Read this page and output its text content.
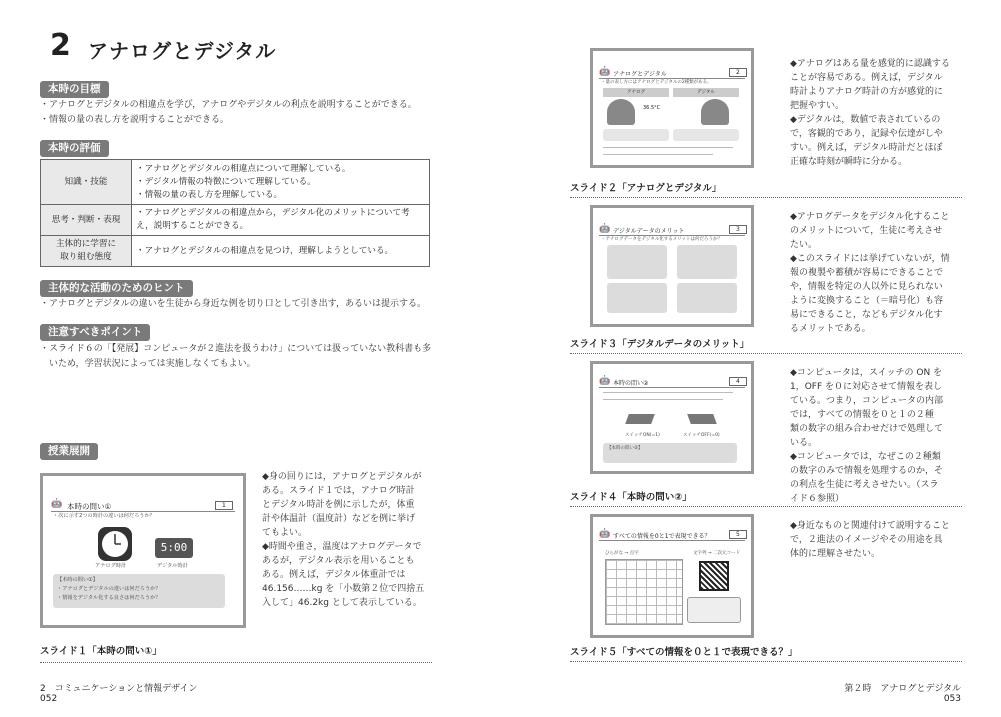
2 アナログとデジタル
本時の目標
・ アナログとデジタルの相違点を学び，アナログやデジタルの利点を説明することができる。
・ 情報の量の表し方を説明することができる。
本時の評価
知識・技能	・ アナログとデジタルの相違点について理解している。
・ デジタル情報の特徴について理解している。
・ 情報の量の表し方を理解している。

思考・判断・表現	・ アナログとデジタルの相違点から，デジタル化のメリットについて考え，説明することができる。

主体的に学習に
取り組む態度	・ アナログとデジタルの相違点を見つけ，理解しようとしている。
主体的な活動のためのヒント
・ アナログとデジタルの違いを生徒から身近な例を切り口として引き出す，あるいは提示する。
注意すべきポイント
・ スライド６の「【発展】コンピュータが２進法を扱うわけ」については扱っていない教科書も多
いため，学習状況によっては実施しなくてもよい。
授業展開
🤖 本時の問い①	1
・次に示す2つの時計の違いは何だろうか？
アナログ時計
5:00
デジタル時計
【本時の問い①】
・ アナログとデジタルの違いは何だろうか？
・ 情報をデジタル化する良さは何だろうか？
スライド１「本時の問い①」
◆身の回りには，アナログとデジタルが
ある。スライド１では，アナログ時計
とデジタル時計を例に示したが，体重
計や体温計（温度計）などを例に挙げ
てもよい。
◆時間や重さ，温度はアナログデータで
あるが，デジタル表示を用いることも
ある。例えば，デジタル体重計では
46.156……kg を「小数第２位で四捨五
入して」46.2kg として表示している。
2　コミュニケーションと情報デザイン
052
🤖 アナログとデジタル	2
・量の表し方にはアナログとデジタルの2種類がある。
アナログ	デジタル
36.5°C
スライド２「アナログとデジタル」
◆アナログはある量を感覚的に認識する
ことが容易である。例えば，デジタル
時計よりアナログ時計の方が感覚的に
把握やすい。
◆デジタルは，数値で表されているの
で，客観的であり，記録や伝達がしや
すい。例えば，デジタル時計だとほぼ
正確な時刻が瞬時に分かる。
🤖 デジタルデータのメリット	3
・アナログデータをデジタル化するメリットは何だろうか？
スライド３「デジタルデータのメリット」
◆アナログデータをデジタル化すること
のメリットについて，生徒に考えさせ
たい。
◆このスライドには挙げていないが，情
報の複製や蓄積が容易にできることで
や，情報を特定の人以外に見られない
ように変換すること（＝暗号化）も容
易にできること，などもデジタル化す
るメリットである。
🤖 本時の問い②	4
スイッチON(=1)	スイッチOFF(=0)
【本時の問い②】
スライド４「本時の問い②」
◆コンピュータは，スイッチの ON を
1，OFF を０に対応させて情報を表し
ている。つまり，コンピュータの内部
では，すべての情報を０と１の２種
類の数字の組み合わせだけで処理して
いる。
◆コンピュータでは，なぜこの２種類
の数字のみで情報を処理するのか，そ
の利点を生徒に考えさせたい。（スラ
イド６参照）
🤖 すべての情報を0と1で表現できる？	5
ひらがな → 点字	文字列 → 二次元コード
スライド５「すべての情報を０と１で表現できる？」
◆身近なものと関連付けて説明すること
で，２進法のイメージやその用途を具
体的に理解させたい。
第２時　アナログとデジタル
053
